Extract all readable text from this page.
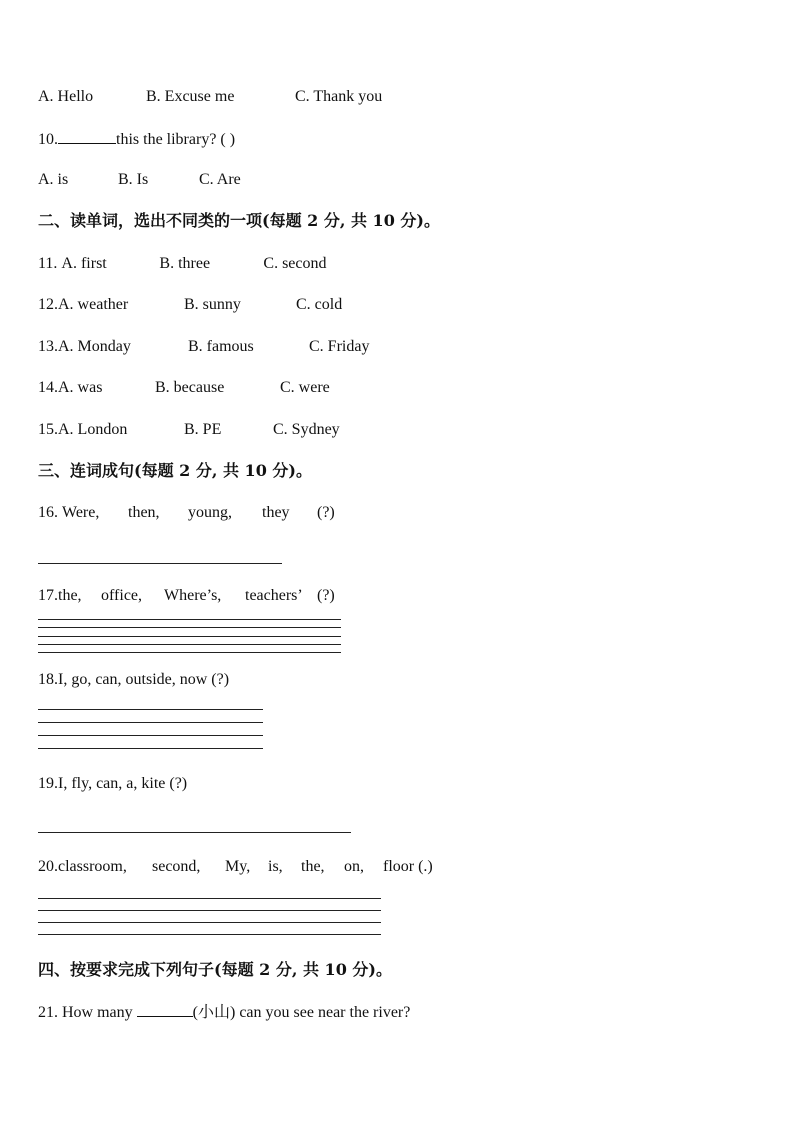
A. Hello	B. Excuse me	C. Thank you
10.	this the library? ( )
A. is	B. Is	C. Are
二、读单词，选出不同类的一项(每题 2 分, 共 10 分)。
11. A. first	B. three	C. second
12.A. weather	B. sunny	C. cold
13.A. Monday	B. famous	C. Friday
14.A. was	B. because	C. were
15.A. London	B. PE	C. Sydney
三、连词成句(每题 2 分, 共 10 分)。
16. Were, then, young, they (?)
17.the, office, Where’s, teachers’ (?)
18.I, go, can, outside, now (?)
19.I, fly, can, a, kite (?)
20.classroom, second, My, is, the, on, floor (.)
四、按要求完成下列句子(每题 2 分, 共 10 分)。
21. How many	(小山) can you see near the river?
